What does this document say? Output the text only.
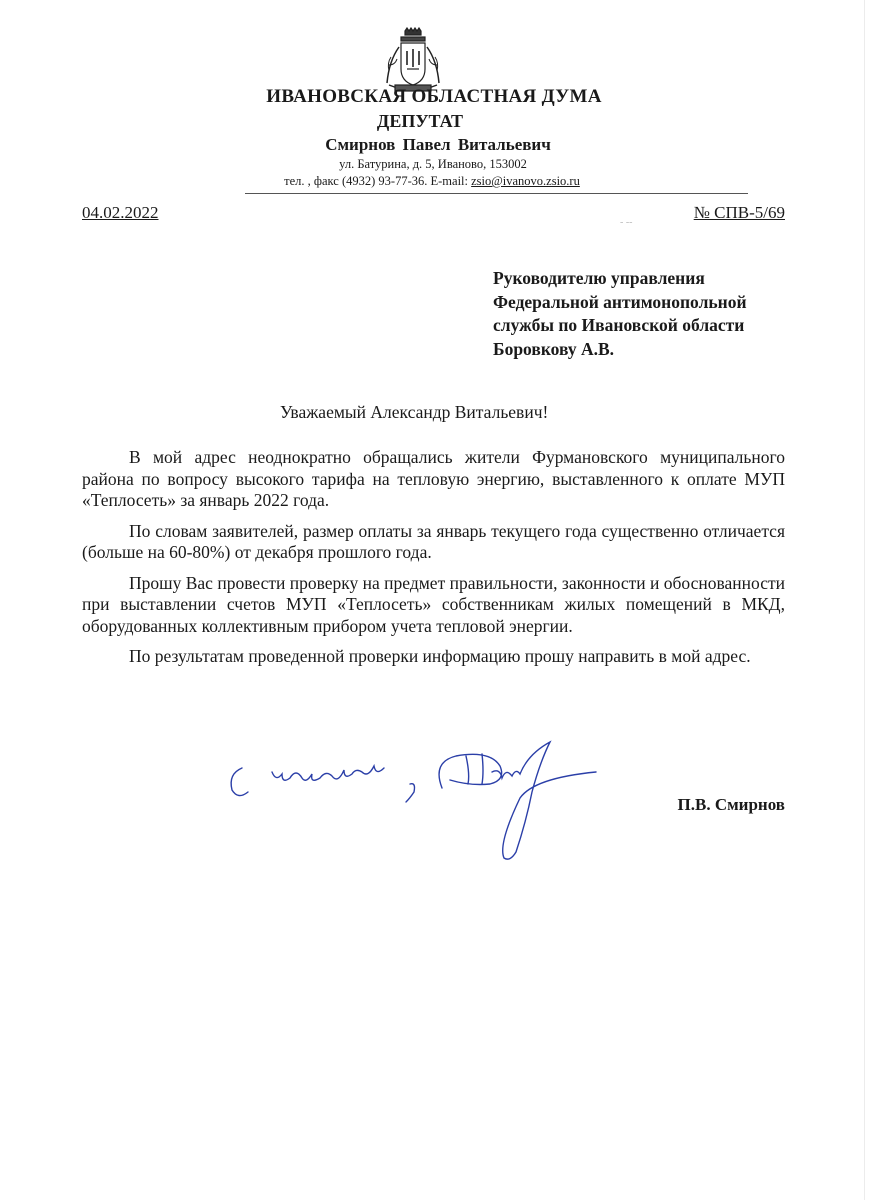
ИВАНОВСКАЯ ОБЛАСТНАЯ ДУМА
ДЕПУТАТ
Смирнов Павел Витальевич
ул. Батурина, д. 5, Иваново, 153002
тел. , факс (4932) 93-77-36. E-mail: zsio@ivanovo.zsio.ru
04.02.2022
‐ ‐‐
№ СПВ-5/69
Руководителю управления
Федеральной антимонопольной
службы по Ивановской области
Боровкову А.В.
Уважаемый Александр Витальевич!

В мой адрес неоднократно обращались жители Фурмановского муниципального района по вопросу высокого тарифа на тепловую энергию, выставленного к оплате МУП «Теплосеть» за январь 2022 года.

По словам заявителей, размер оплаты за январь текущего года существенно отличается (больше на 60-80%) от декабря прошлого года.

Прошу Вас провести проверку на предмет правильности, законности и обоснованности при выставлении счетов МУП «Теплосеть» собственникам жилых помещений в МКД, оборудованных коллективным прибором учета тепловой энергии.

По результатам проведенной проверки информацию прошу направить в мой адрес.

П.В. Смирнов
